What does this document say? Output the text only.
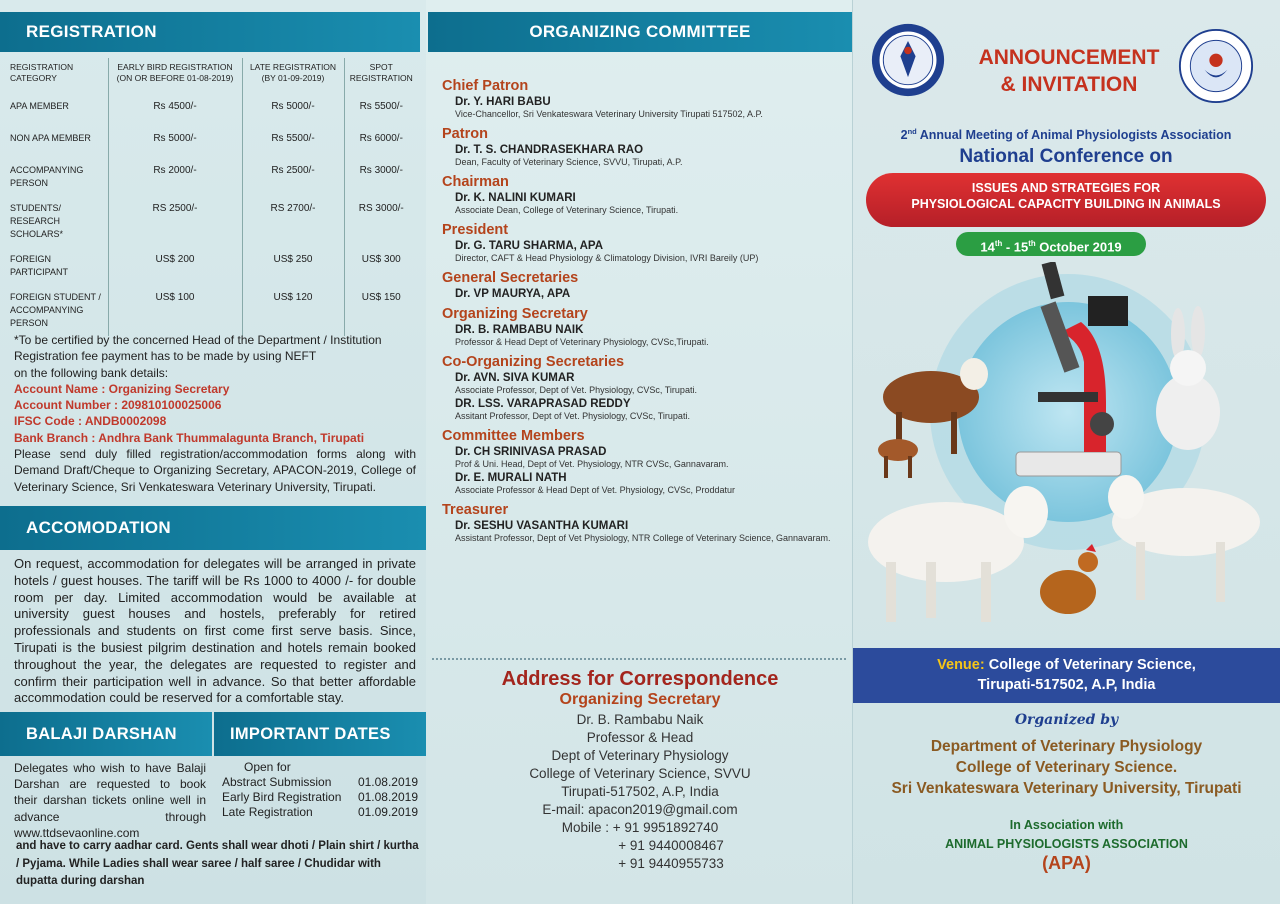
REGISTRATION
REGISTRATION CATEGORY	EARLY BIRD REGISTRATION (ON OR BEFORE 01-08-2019)	LATE REGISTRATION (BY 01-09-2019)	SPOT REGISTRATION
APA MEMBER	Rs 4500/-	Rs 5000/-	Rs 5500/-
NON APA MEMBER	Rs 5000/-	Rs 5500/-	Rs 6000/-
ACCOMPANYING PERSON	Rs 2000/-	Rs 2500/-	Rs 3000/-
STUDENTS/ RESEARCH SCHOLARS*	RS 2500/-	RS 2700/-	RS 3000/-
FOREIGN PARTICIPANT	US$ 200	US$ 250	US$ 300
FOREIGN STUDENT / ACCOMPANYING PERSON	US$ 100	US$ 120	US$ 150
*To be certified by the concerned Head of the Department / Institution
Registration fee payment has to be made by using NEFT
on the following bank details:
Account Name : Organizing Secretary
Account Number : 209810100025006
IFSC Code : ANDB0002098
Bank Branch : Andhra Bank Thummalagunta Branch, Tirupati
Please send duly filled registration/accommodation forms along with Demand Draft/Cheque to Organizing Secretary, APACON-2019, College of Veterinary Science, Sri Venkateswara Veterinary University, Tirupati.
ACCOMODATION
On request, accommodation for delegates will be arranged in private hotels / guest houses. The tariff will be Rs 1000 to 4000 /- for double room per day. Limited accommodation would be available at university guest houses and hostels, preferably for retired professionals and students on first come first serve basis. Since, Tirupati is the busiest pilgrim destination and hotels remain booked throughout the year, the delegates are requested to register and confirm their participation well in advance. So that better affordable accommodation could be reserved for a comfortable stay.
BALAJI DARSHAN	IMPORTANT DATES
Delegates who wish to have Balaji Darshan are requested to book their darshan tickets online well in advance through www.ttdsevaonline.com
Open for
Abstract Submission 01.08.2019
Early Bird Registration 01.08.2019
Late Registration	01.09.2019
and have to carry aadhar card. Gents shall wear dhoti / Plain shirt / kurtha / Pyjama. While Ladies shall wear saree / half saree / Chudidar with dupatta during darshan
ORGANIZING COMMITTEE
Chief Patron
Dr. Y. HARI BABU
Vice-Chancellor, Sri Venkateswara Veterinary University Tirupati 517502, A.P.
Patron
Dr. T. S. CHANDRASEKHARA RAO
Dean, Faculty of Veterinary Science, SVVU, Tirupati, A.P.
Chairman
Dr. K. NALINI KUMARI
Associate Dean, College of Veterinary Science, Tirupati.
President
Dr. G. TARU SHARMA, APA
Director, CAFT & Head Physiology & Climatology Division, IVRI Bareily (UP)
General Secretaries
Dr. VP MAURYA, APA
Organizing Secretary
DR. B. RAMBABU NAIK
Professor & Head Dept of Veterinary Physiology, CVSc,Tirupati.
Co-Organizing Secretaries
Dr. AVN. SIVA KUMAR
Associate Professor, Dept of Vet. Physiology, CVSc, Tirupati.
DR. LSS. VARAPRASAD REDDY
Assitant Professor, Dept of Vet. Physiology, CVSc, Tirupati.
Committee Members
Dr. CH SRINIVASA PRASAD
Prof & Uni. Head, Dept of Vet. Physiology, NTR CVSc, Gannavaram.
Dr. E. MURALI NATH
Associate Professor & Head Dept of Vet. Physiology, CVSc, Proddatur
Treasurer
Dr. SESHU VASANTHA KUMARI
Assistant Professor, Dept of Vet Physiology, NTR College of Veterinary Science, Gannavaram.
Address for Correspondence
Organizing Secretary
Dr. B. Rambabu Naik
Professor & Head
Dept of Veterinary Physiology
College of Veterinary Science, SVVU
Tirupati-517502, A.P, India
E-mail: apacon2019@gmail.com
Mobile : + 91 9951892740
+ 91 9440008467
+ 91 9440955733
ANNOUNCEMENT
& INVITATION
2nd Annual Meeting of Animal Physiologists Association
National Conference on
ISSUES AND STRATEGIES FOR
PHYSIOLOGICAL CAPACITY BUILDING IN ANIMALS
14th - 15th October 2019
Venue: College of Veterinary Science,
Tirupati-517502, A.P, India
Organized by
Department of Veterinary Physiology
College of Veterinary Science.
Sri Venkateswara Veterinary University, Tirupati
In Association with
ANIMAL PHYSIOLOGISTS ASSOCIATION
(APA)
